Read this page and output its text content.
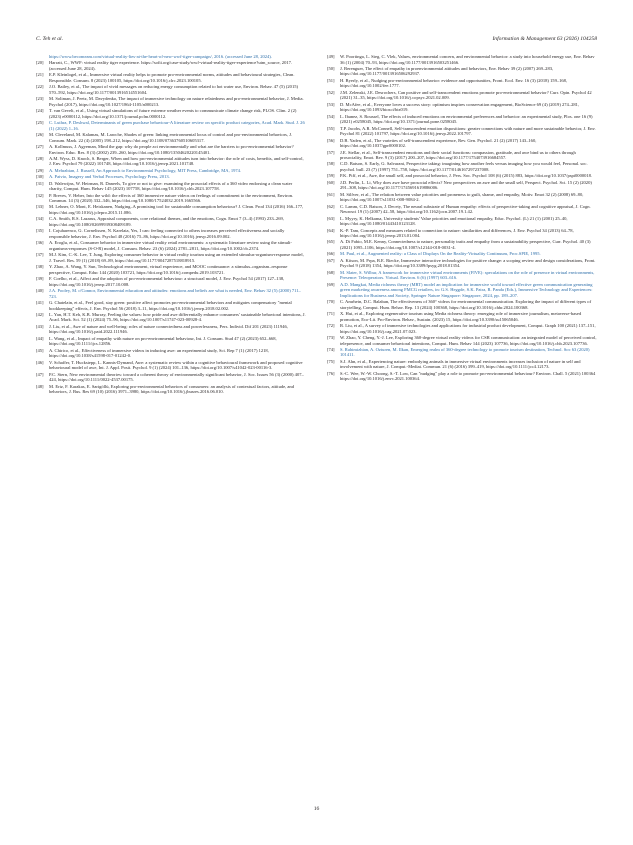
C. Teh et al.	Information & Management 63 (2026) 104258
https://www.becomeam.com/virtual-reality-lies-at-the-heart-of-new-wwf-tiger-campaign/, 2016. (accessed June 28, 2024).
[20]	Harratt, C., WWF: virtual reality tiger experience. https://sofii.org/case-study/wwf-virtual-reality-tiger-experience?utm_source, 2017. (accessed June 28, 2024).
[21]	E.P. Kleinlogel, et al., Immersive virtual reality helps to promote pro-environmental norms, attitudes and behavioural strategies, Clean. Responsible. Consum. 8 (2023) 100105, https://doi.org/10.1016/j.clrc.2023.100105.
[22]	J.O. Bailey, et al., The impact of vivid messages on reducing energy consumption related to hot water use, Environ. Behav. 47 (5) (2015) 570–592, https://doi.org/10.1177/0013916514551604.
[23]	M. Soliman, J. Peetz, M. Davydenko, The impact of immersive technology on nature relatedness and pro-environmental behavior, J. Media. Psychol (2017), https://doi.org/10.1027/1864-1105/a000213.
[24]	T. van Gevelt, et al., Using virtual simulations of future extreme weather events to communicate climate change risk, PLOS. Clim. 2 (2) (2023) e0000112, https://doi.org/10.1371/journal.pclm.0000112.
[25]	C. Luthra, P. Deshwal, Determinants of green purchase behaviour-A literature review on specific product categories, Acad. Mark. Stud. J. 26 (1) (2022) 1–16.
[26]	M. Cleveland, M. Kalamas, M. Laroche, Shades of green: linking environmental locus of control and pro-environmental behaviors, J. Consum. Mark. 22 (4) (2005) 198–212, https://doi.org/10.1108/07363760510605317.
[27]	A. Kollmuss, J. Agyeman, Mind the gap: why do people act environmentally and what are the barriers to pro-environmental behavior? Environ. Educ. Res. 8 (3) (2002) 239–260, https://doi.org/10.1080/13504620220145401.
[28]	A.M. Wyss, D. Knoch, S. Berger, When and how pro-environmental attitudes turn into behavior: the role of costs, benefits, and self-control, J. Env. Psychol 79 (2022) 101748, https://doi.org/10.1016/j.jenvp.2021.101748.
[29]	A. Mehrabian, J. Russell, An Approach to Environmental Psychology, MIT Press, Cambridge, MA, 1974.
[30]	A. Paivio, Imagery and Verbal Processes, Psychology Press, 2013.
[31]	D. Walewijns, W. Heirman, R. Daneels, To give or not to give: examining the prosocial effects of a 360 video endorsing a clean water charity, Comput. Hum. Behav 145 (2023) 107758, https://doi.org/10.1016/j.chb.2023.107758.
[32]	P. Breves, V. Heber, Into the wild: the effects of 360 immersive nature videos on feelings of commitment to the environment, Environ. Commun. 14 (3) (2020) 332–346, https://doi.org/10.1080/17524032.2019.1665566.
[33]	M. Lehner, O. Mont, E. Heiskanen, Nudging–A promising tool for sustainable consumption behaviour? J. Clean. Prod 134 (2016) 166–177, https://doi.org/10.1016/j.jclepro.2015.11.086.
[34]	C.A. Smith, R.S. Lazarus, Appraisal components, core relational themes, and the emotions, Cogn. Emot 7 (3–4) (1993) 233–269, https://doi.org/10.1080/02699939308409189.
[35]	I. Cojuharenco, G. Cornelissen, N. Karelaia, Yes, I can: feeling connected to others increases perceived effectiveness and socially responsible behavior, J. Env. Psychol 48 (2016) 75–86, https://doi.org/10.1016/j.jenvp.2016.09.002.
[36]	A. Eroglu, et al., Consumer behavior in immersive virtual reality retail environments: a systematic literature review using the stimuli-organisms-responses (S-O-R) model, J. Consum. Behav. 23 (6) (2024) 2781–2811, https://doi.org/10.1002/cb.2374.
[37]	M.J. Kim, C.-K. Lee, T. Jung, Exploring consumer behavior in virtual reality tourism using an extended stimulus-organism-response model, J. Travel. Res. 59 (1) (2018) 69–89, https://doi.org/10.1177/0047287518818915.
[38]	Y. Zhao, A. Wang, Y. Sun, Technological environment, virtual experience, and MOOC continuance: a stimulus–organism–response perspective, Comput. Educ 144 (2020) 103721, https://doi.org/10.1016/j.compedu.2019.103721.
[39]	F. Coelho, et al., Affect and the adoption of pro-environmental behaviour: a structural model, J. Env. Psychol 54 (2017) 127–138, https://doi.org/10.1016/j.jenvp.2017.10.008.
[40]	J.A. Pooley, M. o'Connor, Environmental education and attitudes: emotions and beliefs are what is needed, Env. Behav 32 (5) (2000) 711–723.
[41]	G. Chatelain, et al., Feel good, stay green: positive affect promotes pro-environmental behaviors and mitigates compensatory "mental bookkeeping" effects, J. Env. Psychol 56 (2018) 3–11, https://doi.org/10.1016/j.jenvp.2018.02.002.
[42]	L. Yan, H.T. Keh, K.B. Murray, Feeling the values: how pride and awe differentially enhance consumers' sustainable behavioral intentions, J. Acad. Mark. Sci. 52 (1) (2024) 75–96, https://doi.org/10.1007/s11747-023-00928-4.
[43]	J. Liu, et al., Awe of nature and well-being: roles of nature connectedness and powerlessness, Pers. Individ. Dif 201 (2023) 111946, https://doi.org/10.1016/j.paid.2022.111946.
[44]	L. Wang, et al., Impact of empathy with nature on pro-environmental behaviour, Int. J. Consum. Stud 47 (2) (2023) 652–668, https://doi.org/10.1111/ijcs.12856.
[45]	A. Chirico, et al., Effectiveness of immersive videos in inducing awe: an experimental study, Sci. Rep 7 (1) (2017) 1218, https://doi.org/10.1038/s41598-017-01242-0.
[46]	V. Schaffer, T. Huckstepp, L. Kannis-Dymand, Awe: a systematic review within a cognitive behavioural framework and proposed cognitive behavioural model of awe, Int. J. Appl. Posit. Psychol. 9 (1) (2024) 101–136, https://doi.org/10.1007/s41042-023-00116-3.
[47]	P.C. Stern, New environmental theories: toward a coherent theory of environmentally significant behavior, J. Soc. Issues 56 (3) (2000) 407–424, https://doi.org/10.1111/0022-4537.00175.
[48]	M. Ertz, F. Karakas, E. Sarigöllü, Exploring pro-environmental behaviors of consumers: an analysis of contextual factors, attitude, and behaviors, J. Bus. Res 69 (10) (2016) 3971–3980, https://doi.org/10.1016/j.jbusres.2016.06.010.
[49]	W. Poortinga, L. Steg, C. Vlek, Values, environmental concern, and environmental behavior: a study into household energy use, Env. Behav 36 (1) (2004) 70–93, https://doi.org/10.1177/0013916503251466.
[50]	J. Berenguer, The effect of empathy in proenvironmental attitudes and behaviors, Env. Behav 39 (2) (2007) 269–283, https://doi.org/10.1177/0013916506292937.
[51]	H. Byerly, et al., Nudging pro-environmental behavior: evidence and opportunities, Front. Ecol. Env. 16 (3) (2018) 159–168, https://doi.org/10.1002/fee.1777.
[52]	J.M. Zelenski, J.E. Desrochers, Can positive and self-transcendent emotions promote pro-environmental behavior? Curr. Opin. Psychol 42 (2021) 31–35, https://doi.org/10.1016/j.copsyc.2021.02.009.
[53]	D. McAfee, et al., Everyone loves a success story: optimism inspires conservation engagement, BioScience 69 (4) (2019) 274–281, https://doi.org/10.1093/biosci/biz019.
[54]	L. Ibanez, S. Roussel, The effects of induced emotions on environmental preferences and behavior: an experimental study, Plos. one 16 (9) (2021) e0258045, https://doi.org/10.1371/journal.pone.0258045.
[55]	T.P. Jacobs, A.R. McConnell, Self-transcendent emotion dispositions: greater connections with nature and more sustainable behavior, J. Env. Psychol 81 (2022) 101797, https://doi.org/10.1016/j.jenvp.2022.101797.
[56]	D.B. Yaden, et al., The varieties of self-transcendent experience, Rev. Gen. Psychol. 21 (2) (2017) 143–160, https://doi.org/10.1037/gpr0000102.
[57]	J.E. Stellar, et al., Self-transcendent emotions and their social functions: compassion, gratitude, and awe bind us to others through prosociality, Emot. Rev. 9 (3) (2017) 200–207, https://doi.org/10.1177/1754073916684557.
[58]	C.D. Batson, S. Early, G. Salvarani, Perspective taking: imagining how another feels versus imaging how you would feel, Personal. soc. psychol. bull. 23 (7) (1997) 751–758, https://doi.org/10.1177/0146167297237008.
[59]	P.K. Piff, et al., Awe, the small self, and prosocial behavior, J. Pers. Soc. Psychol 108 (6) (2015) 883, https://doi.org/10.1037/pspi0000018.
[60]	J.D. Perlin, L. Li, Why does awe have prosocial effects? New perspectives on awe and the small self, Perspect. Psychol. Sci. 15 (2) (2020) 291–308, https://doi.org/10.1177/1745691619886006.
[61]	M. Silfver, et al., The relation between value priorities and proneness to guilt, shame, and empathy, Motiv. Emot 32 (2) (2008) 69–80, https://doi.org/10.1007/s11031-008-9084-2.
[62]	C. Lamm, C.D. Batson, J. Decety, The neural substrate of Human empathy: effects of perspective-taking and cognitive appraisal, J. Cogn. Neurosci 19 (1) (2007) 42–58, https://doi.org/10.1162/jocn.2007.19.1.42.
[63]	L. Myyry, K. Helkama, University students' Value priorities and emotional empathy, Educ. Psychol. (L) 21 (1) (2001) 25–40, https://doi.org/10.1080/01443410123128.
[64]	K.-P. Tam, Concepts and measures related to connection to nature: similarities and differences, J. Env. Psychol 34 (2013) 64–78, https://doi.org/10.1016/j.jenvp.2013.01.004.
[65]	A. Di Fabio, M.E. Kenny, Connectedness to nature, personality traits and empathy from a sustainability perspective, Curr. Psychol. 40 (3) (2021) 1095–1106, https://doi.org/10.1007/s12144-018-0031-4.
[66]	M. Paul, et al., Augmented reality: a Class of Displays On the Reality-Virtuality Continuum, Proc.SPIE, 1995.
[67]	A. Kitson, M. Prpa, B.E. Riecke, Immersive interactive technologies for positive change: a scoping review and design considerations, Front. Psychol 9 (2018) 1354, https://doi.org/10.3389/fpsyg.2018.01354.
[68]	M. Slater, S. Wilbur, A framework for immersive virtual environments (FIVE): speculations on the role of presence in virtual environments, Presence: Teleoperators. Virtual. Environ. 6 (6) (1997) 603–616.
[69]	A.D. Mangkat, Media richness theory (MRT) model an implication for immersive world toward effective green communication generating green marketing awareness among FMCG retailers, in: G.S. Heggde, S.K. Patra, R. Panda (Eds.), Immersive Technology and Experiences: Implications for Business and Society, Springer Nature Singapore: Singapore, 2024, pp. 189–207.
[70]	C. Amrhein, D.C. Balaban, The effectiveness of 360° videos for environmental communication. Exploring the impact of different types of storytelling, Comput. Hum. Behav. Rep. 13 (2024) 100368, https://doi.org/10.1016/j.chbr.2024.100368.
[71]	X. Hui, et al., Exploring regenerative tourism using Media richness theory: emerging role of immersive journalism, metaverse-based promotion, Eco-Lit. Pro-Environ. Behav., Sustain. (2023) 15, https://doi.org/10.3390/su15065046.
[72]	R. Liu, et al., A survey of immersive technologies and applications for industrial product development, Comput. Graph 100 (2021) 137–151, https://doi.org/10.1016/j.cag.2021.07.023.
[73]	W. Zhao, Y. Cheng, Y.-J. Lee, Exploring 360-degree virtual reality videos for CSR communication: an integrated model of perceived control, telepresence, and consumer behavioral intentions, Comput. Hum. Behav 144 (2023) 107736, https://doi.org/10.1016/j.chb.2023.107736.
[74]	S. Rahimizhian, A. Ozturen, M. Ilkan, Emerging realm of 360-degree technology to promote tourism destination, Technol. Soc 63 (2020) 101411.
[75]	S.J. Ahn, et al., Experiencing nature: embodying animals in immersive virtual environments increases inclusion of nature in self and involvement with nature, J. Comput.-Mediat. Commun. 21 (6) (2016) 399–419, https://doi.org/10.1111/jcc4.12173.
[76]	S.-C. Wee, W.-W. Choong, S.-T. Low, Can "nudging" play a role to promote pro-environmental behaviour? Environ. Chall. 5 (2021) 100364 https://doi.org/10.1016/j.envc.2021.100364.
16
